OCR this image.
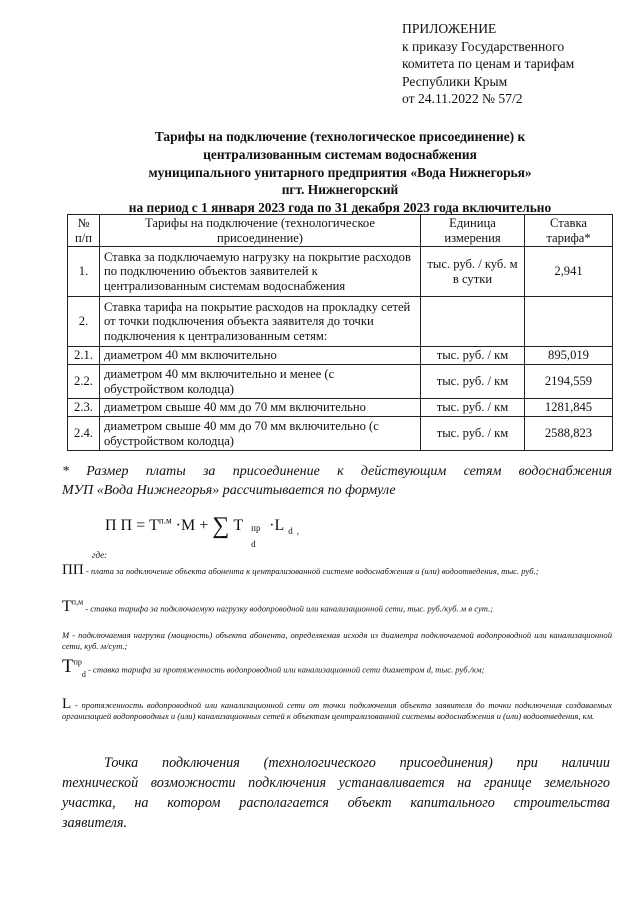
ПРИЛОЖЕНИЕ
к приказу Государственного
комитета по ценам и тарифам
Республики Крым
от 24.11.2022 № 57/2
Тарифы на подключение (технологическое присоединение) к
централизованным системам водоснабжения
муниципального унитарного предприятия «Вода Нижнегорья»
пгт. Нижнегорский
на период с 1 января 2023 года по 31 декабря 2023 года включительно
№ п/п	Тарифы на подключение (технологическое присоединение)	Единица измерения	Ставка тарифа*
1.	Ставка за подключаемую нагрузку на покрытие расходов по подключению объектов заявителей к централизованным системам водоснабжения	тыс. руб. / куб. м в сутки	2,941
2.	Ставка тарифа на покрытие расходов на прокладку сетей от точки подключения объекта заявителя до точки подключения к централизованным сетям:		
2.1.	диаметром 40 мм включительно	тыс. руб. / км	895,019
2.2.	диаметром 40 мм включительно и менее (с обустройством колодца)	тыс. руб. / км	2194,559
2.3.	диаметром свыше 40 мм до 70 мм включительно	тыс. руб. / км	1281,845
2.4.	диаметром свыше 40 мм до 70 мм включительно (с обустройством колодца)	тыс. руб. / км	2588,823
* Размер платы за присоединение к действующим сетям водоснабжения
МУП «Вода Нижнегорья» рассчитывается по формуле
П $П = Т^{п.м} \cdot М$ + ∑ Т пр
d
·L $_d$ $_,$
где:
ПП - плата за подключение объекта абонента к централизованной системе водоснабжения и (или) водоотведения, тыс. руб.;
$Т^{п,м}$ - ставка тарифа за подключаемую нагрузку водопроводной или канализационной сети, тыс. руб./куб. м в сут.;
М - подключаемая нагрузка (мощность) объекта абонента, определяемая исходя из диаметра подключаемой водопроводной или канализационной сети, куб. м/сут.;
$Т^{пр}_d$ - ставка тарифа за протяженность водопроводной или канализационной сети диаметром d, тыс. руб./км;
L - протяженность водопроводной или канализационной сети от точки подключения объекта заявителя до точки подключения создаваемых организацией водопроводных и (или) канализационных сетей к объектам централизованной системы водоснабжения и (или) водоотведения, км.
Точка подключения (технологического присоединения) при наличии
технической возможности подключения устанавливается на границе земельного
участка, на котором располагается объект капитального строительства
заявителя.
